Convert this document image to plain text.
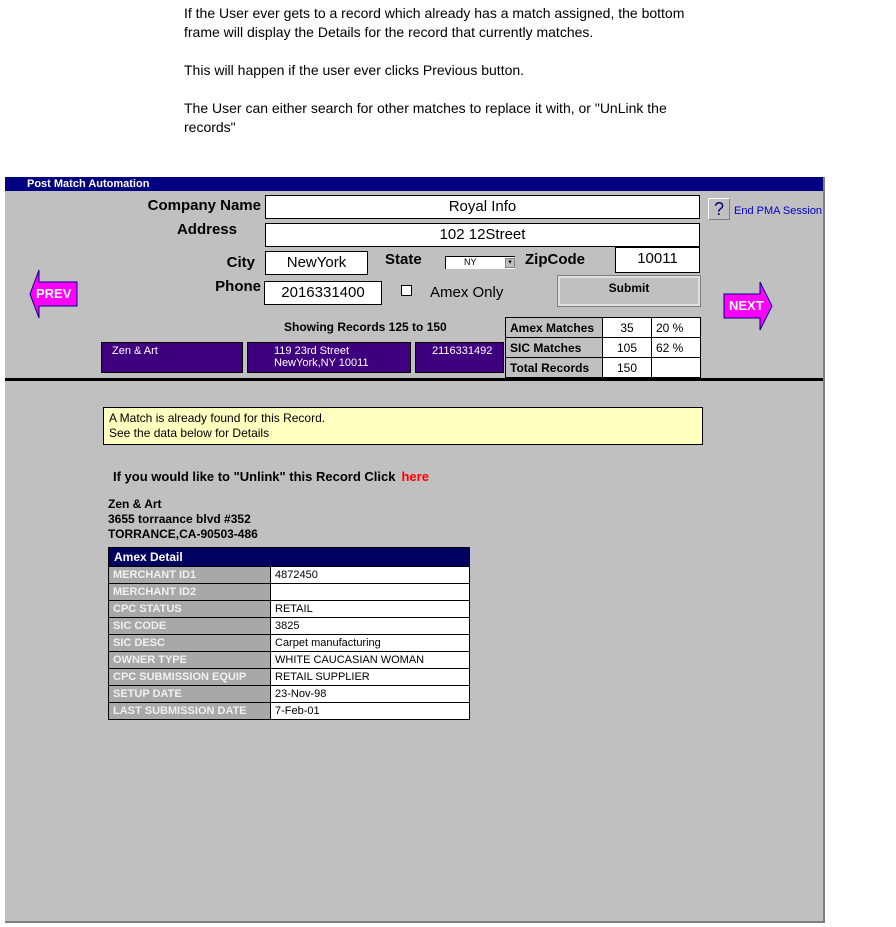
If the User ever gets to a record which already has a match assigned, the bottom frame will display the Details for the record that currently matches.

This will happen if the user ever clicks Previous button.

The User can either search for other matches to replace it with, or "UnLink the records"

Post Match Automation
Company Name	Royal Info
Address	102 12Street
City	NewYork	State	NY	▾ ZipCode	10011
Phone	2016331400	Amex Only	Submit
? End PMA Session
PREV
NEXT
Showing Records 125 to 150
Zen & Art	119 23rd Street
NewYork,NY 10011
2116331492
Amex Matches	35	20 %
SIC Matches	105	62 %
Total Records	150	
A Match is already found for this Record.
See the data below for Details
If you would like to "Unlink" this Record Click here
Zen & Art
3655 torraance blvd #352
TORRANCE,CA-90503-486
Amex Detail	
MERCHANT ID1	4872450
MERCHANT ID2	
CPC STATUS	RETAIL
SIC CODE	3825
SIC DESC	Carpet manufacturing
OWNER TYPE	WHITE CAUCASIAN WOMAN
CPC SUBMISSION EQUIP	RETAIL SUPPLIER
SETUP DATE	23-Nov-98
LAST SUBMISSION DATE	7-Feb-01
